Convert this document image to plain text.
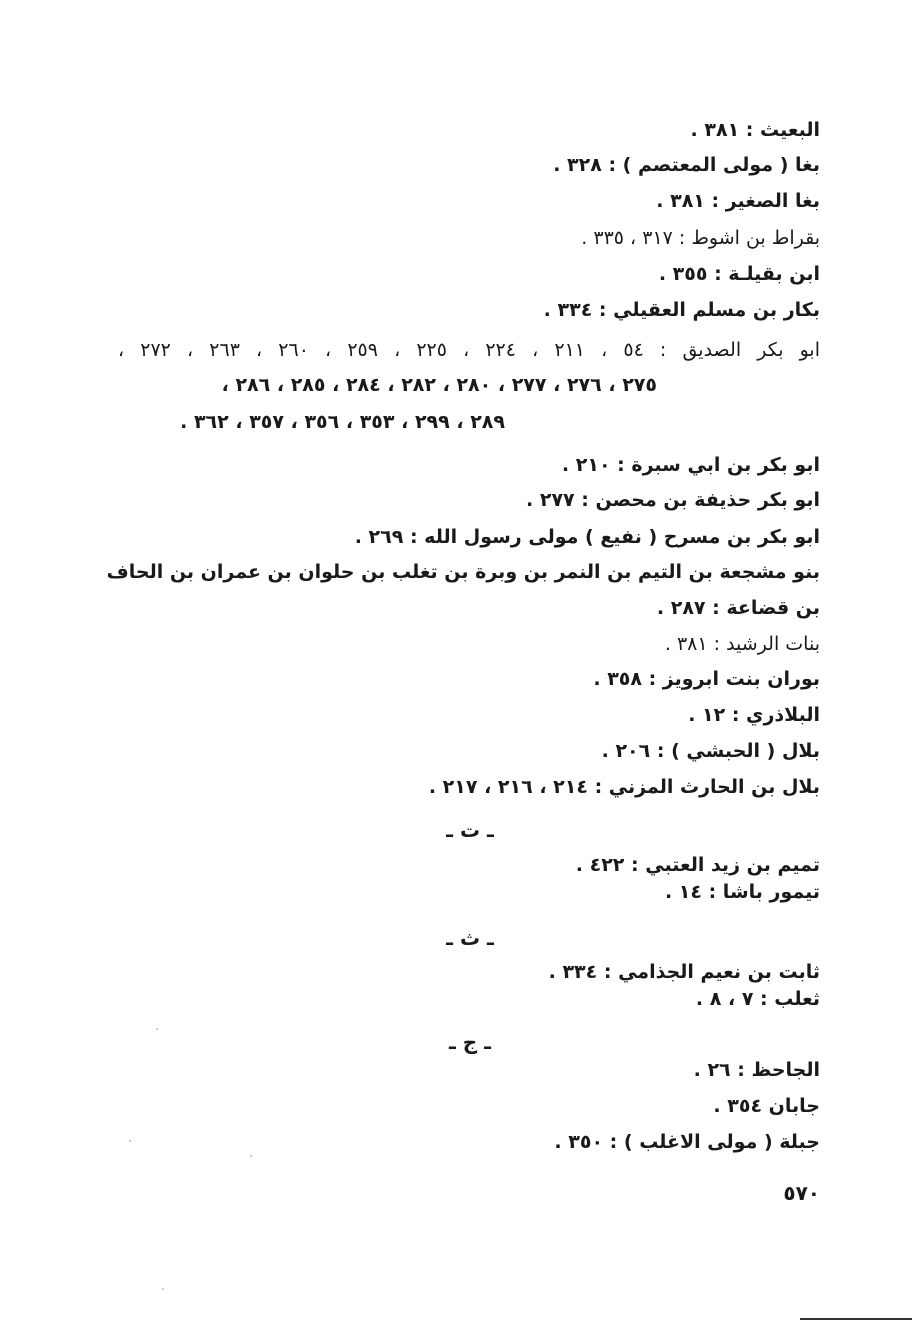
البعيث : ٣٨١ .
بغا ( مولى المعتصم ) : ٣٢٨ .
بغا الصغير : ٣٨١ .
بقراط بن اشوط : ٣١٧ ، ٣٣٥ .
ابن بقيلـة : ٣٥٥ .
بكار بن مسلم العقيلي : ٣٣٤ .
ابو بكر الصديق : ٥٤ ، ٢١١ ، ٢٢٤ ، ٢٢٥ ، ٢٥٩ ، ٢٦٠ ، ٢٦٣ ، ٢٧٢ ،
٢٧٥ ، ٢٧٦ ، ٢٧٧ ، ٢٨٠ ، ٢٨٢ ، ٢٨٤ ، ٢٨٥ ، ٢٨٦ ،
٢٨٩ ، ٢٩٩ ، ٣٥٣ ، ٣٥٦ ، ٣٥٧ ، ٣٦٢ .
ابو بكر بن ابي سبرة : ٢١٠ .
ابو بكر حذيفة بن محصن : ٢٧٧ .
ابو بكر بن مسرح ( نفيع ) مولى رسول الله : ٢٦٩ .
بنو مشجعة بن التيم بن النمر بن وبرة بن تغلب بن حلوان بن عمران بن الحاف
بن قضاعة : ٢٨٧ .
بنات الرشيد : ٣٨١ .
بوران بنت ابرويز : ٣٥٨ .
البلاذري : ١٢ .
بلال ( الحبشي ) : ٢٠٦ .
بلال بن الحارث المزني : ٢١٤ ، ٢١٦ ، ٢١٧ .
ـ ت ـ
تميم بن زيد العتبي : ٤٢٢ .
تيمور باشا : ١٤ .
ـ ث ـ
ثابت بن نعيم الجذامي : ٣٣٤ .
ثعلب : ٧ ، ٨ .
ـ ج ـ
الجاحظ : ٢٦ .
جابان ٣٥٤ .
جبلة ( مولى الاغلب ) : ٣٥٠ .
٥٧٠
